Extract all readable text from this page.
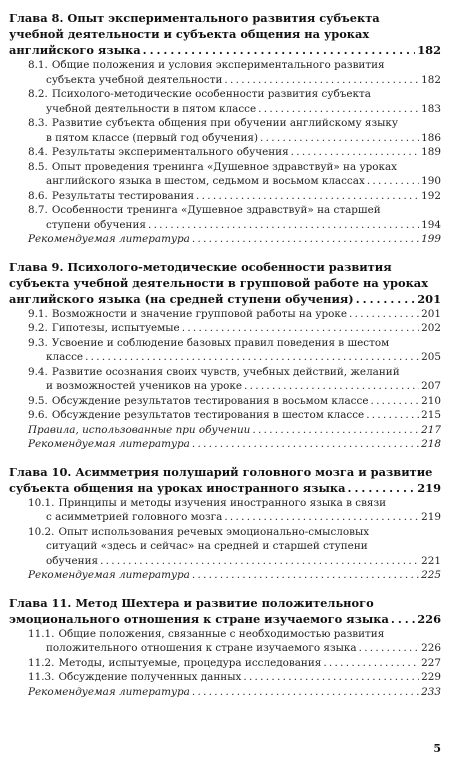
Глава 8. Опыт экспериментального развития субъекта
учебной деятельности и субъекта общения на уроках
английского языка . . .	182
8.1. Общие положения и условия экспериментального развития
субъекта учебной деятельности . . .	182
8.2. Психолого-методические особенности развития субъекта
учебной деятельности в пятом классе . . .	183
8.3. Развитие субъекта общения при обучении английскому языку
в пятом классе (первый год обучения) . . .	186
8.4. Результаты экспериментального обучения . . .	189
8.5. Опыт проведения тренинга «Душевное здравствуй» на уроках
английского языка в шестом, седьмом и восьмом классах . . .	190
8.6. Результаты тестирования . . .	192
8.7. Особенности тренинга «Душевное здравствуй» на старшей
ступени обучения . . .	194
Рекомендуемая литература . . .	199
Глава 9. Психолого-методические особенности развития
субъекта учебной деятельности в групповой работе на уроках
английского языка (на средней ступени обучения) . . .	201
9.1. Возможности и значение групповой работы на уроке . . .	201
9.2. Гипотезы, испытуемые . . .	202
9.3. Усвоение и соблюдение базовых правил поведения в шестом
классе . . .	205
9.4. Развитие осознания своих чувств, учебных действий, желаний
и возможностей учеников на уроке . . .	207
9.5. Обсуждение результатов тестирования в восьмом классе . . .	210
9.6. Обсуждение результатов тестирования в шестом классе . . .	215
Правила, использованные при обучении . . .	217
Рекомендуемая литература . . .	218
Глава 10. Асимметрия полушарий головного мозга и развитие
субъекта общения на уроках иностранного языка . . .	219
10.1. Принципы и методы изучения иностранного языка в связи
с асимметрией головного мозга . . .	219
10.2. Опыт использования речевых эмоционально-смысловых
ситуаций «здесь и сейчас» на средней и старшей ступени
обучения . . .	221
Рекомендуемая литература . . .	225
Глава 11. Метод Шехтера и развитие положительного
эмоционального отношения к стране изучаемого языка . . . 226
11.1. Общие положения, связанные с необходимостью развития
положительного отношения к стране изучаемого языка . . .	226
11.2. Методы, испытуемые, процедура исследования . . .	227
11.3. Обсуждение полученных данных . . .	229
Рекомендуемая литература . . .	233
5
